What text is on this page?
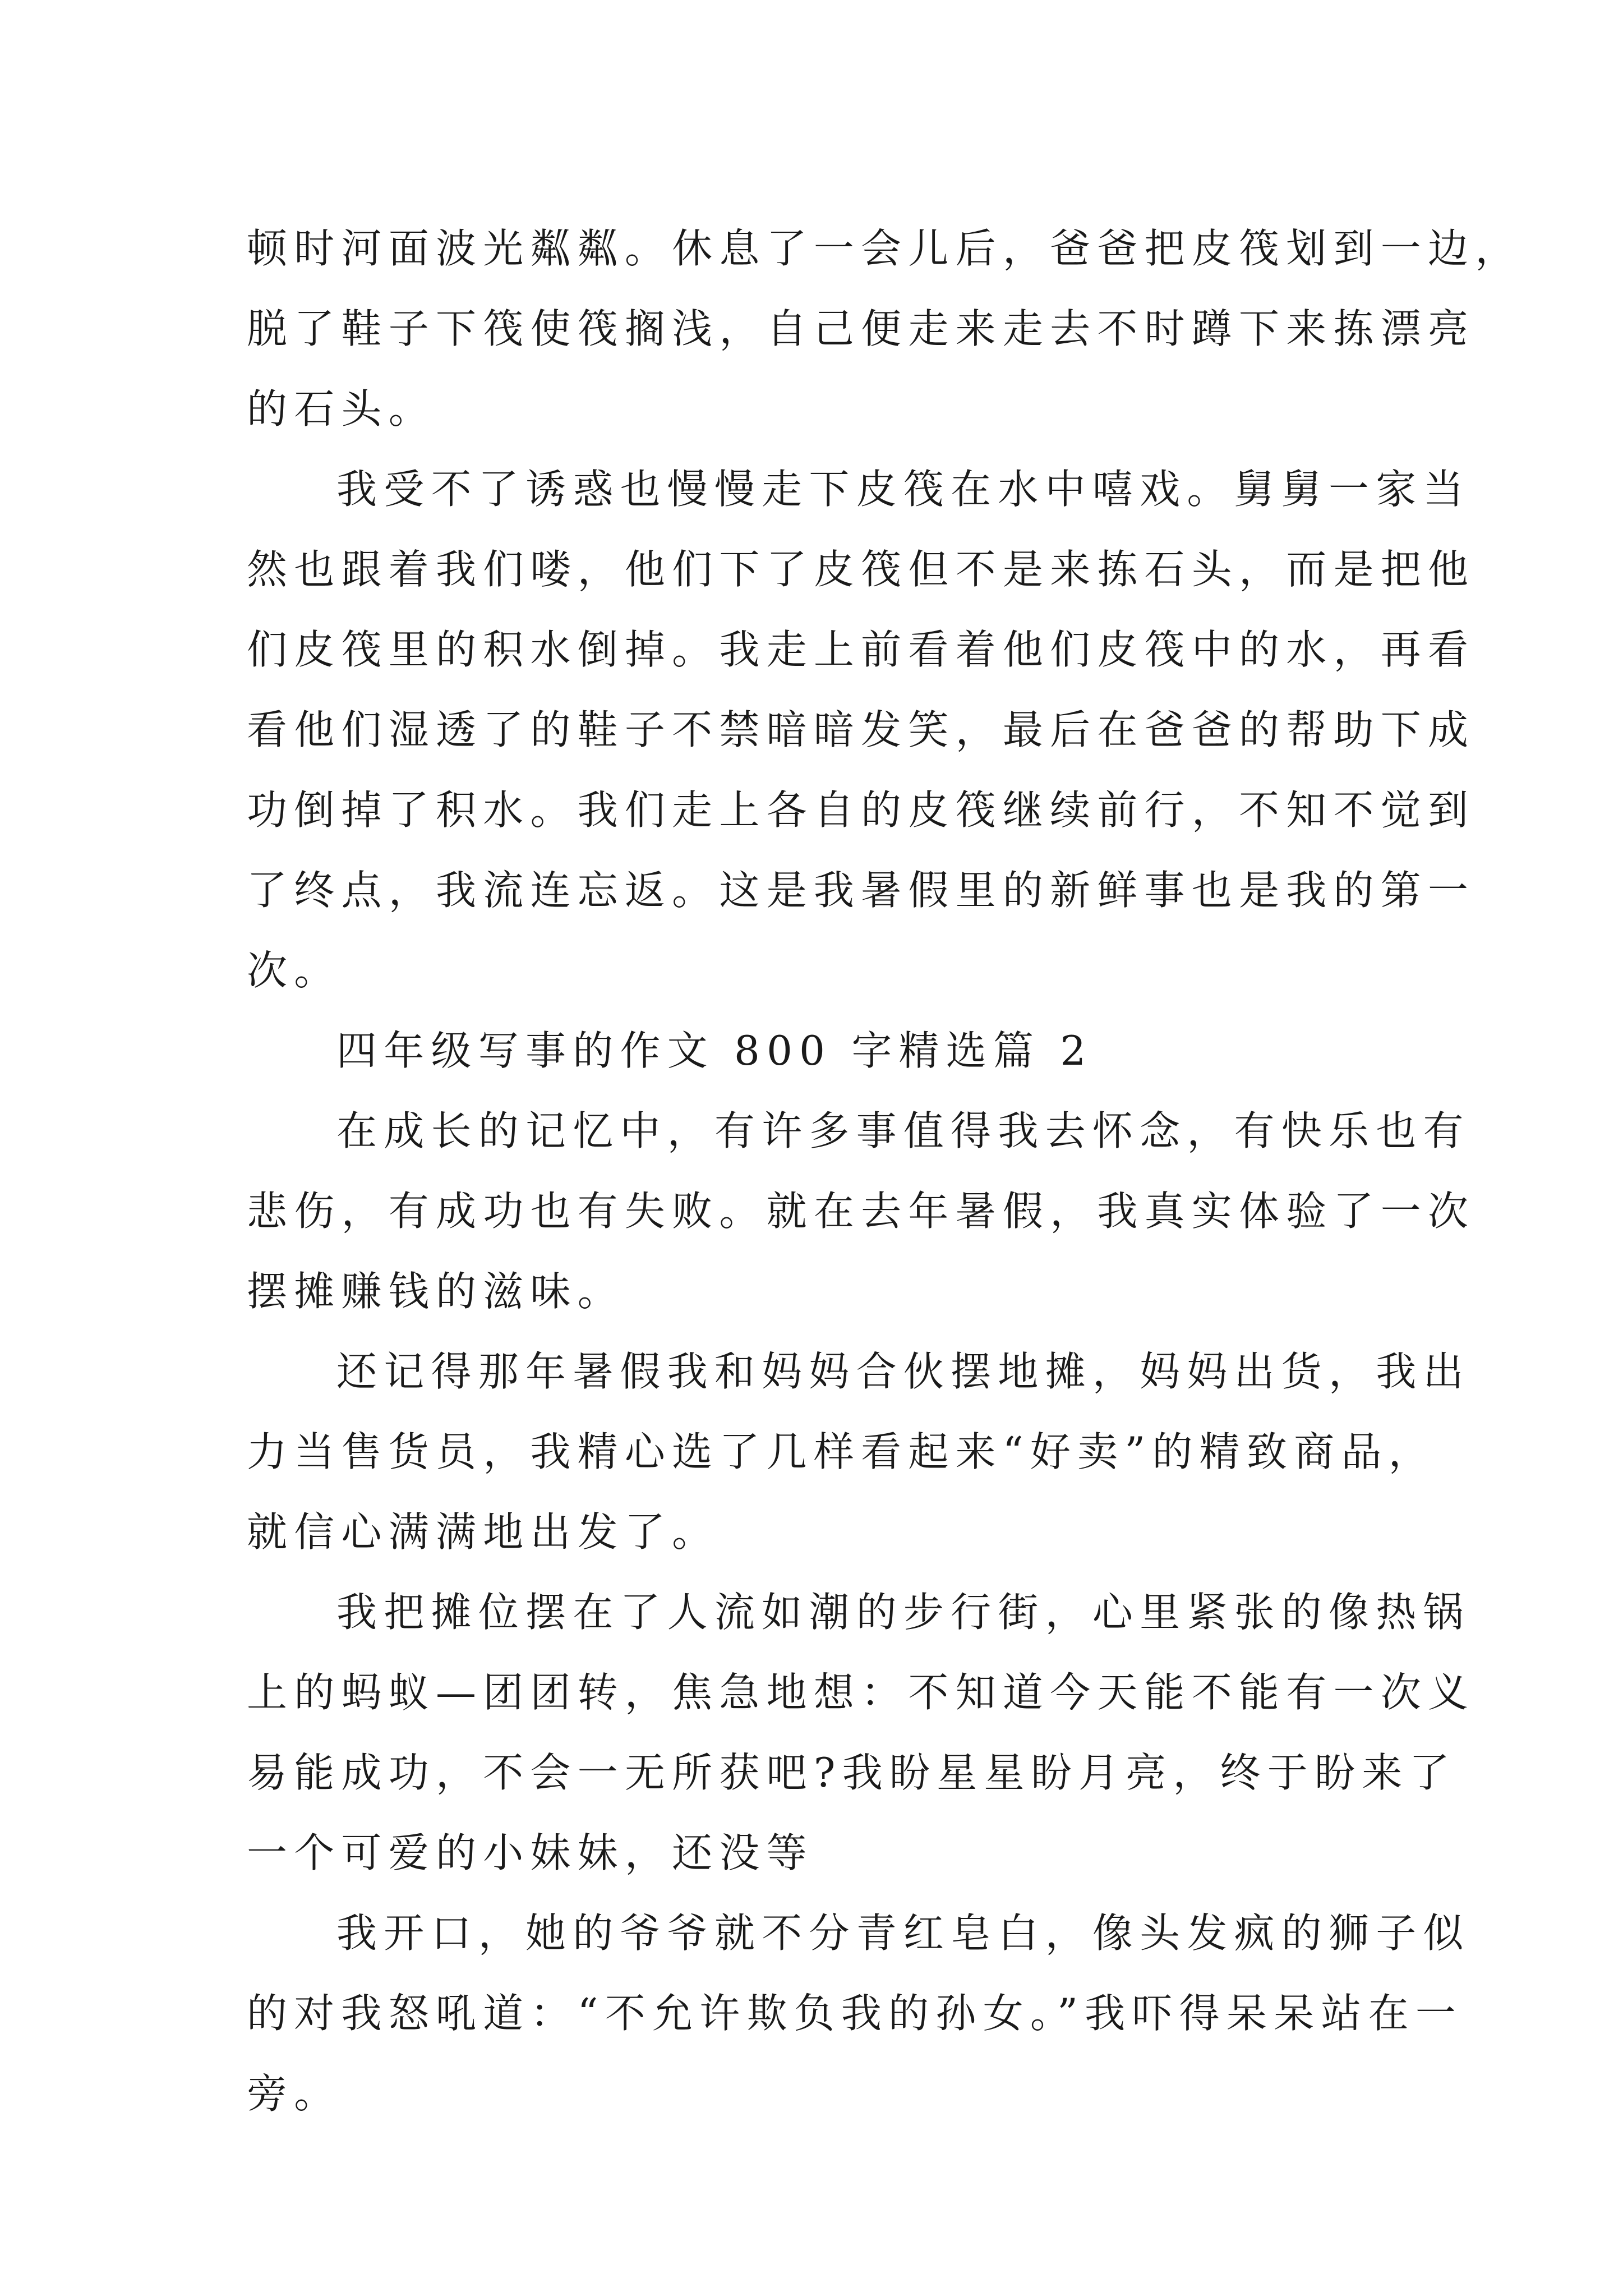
顿时河面波光粼粼。休息了一会儿后，爸爸把皮筏划到一边，
脱了鞋子下筏使筏搁浅，自己便走来走去不时蹲下来拣漂亮
的石头。
我受不了诱惑也慢慢走下皮筏在水中嘻戏。舅舅一家当
然也跟着我们喽，他们下了皮筏但不是来拣石头，而是把他
们皮筏里的积水倒掉。我走上前看着他们皮筏中的水，再看
看他们湿透了的鞋子不禁暗暗发笑，最后在爸爸的帮助下成
功倒掉了积水。我们走上各自的皮筏继续前行，不知不觉到
了终点，我流连忘返。这是我暑假里的新鲜事也是我的第一
次。
四年级写事的作文 800 字精选篇 2
在成长的记忆中，有许多事值得我去怀念，有快乐也有
悲伤，有成功也有失败。就在去年暑假，我真实体验了一次
摆摊赚钱的滋味。
还记得那年暑假我和妈妈合伙摆地摊，妈妈出货，我出
力当售货员，我精心选了几样看起来“好卖”的精致商品，
就信心满满地出发了。
我把摊位摆在了人流如潮的步行街，心里紧张的像热锅
上的蚂蚁—团团转，焦急地想：不知道今天能不能有一次义
易能成功，不会一无所获吧?我盼星星盼月亮，终于盼来了
一个可爱的小妹妹，还没等
我开口，她的爷爷就不分青红皂白，像头发疯的狮子似
的对我怒吼道：“不允许欺负我的孙女。”我吓得呆呆站在一
旁。
